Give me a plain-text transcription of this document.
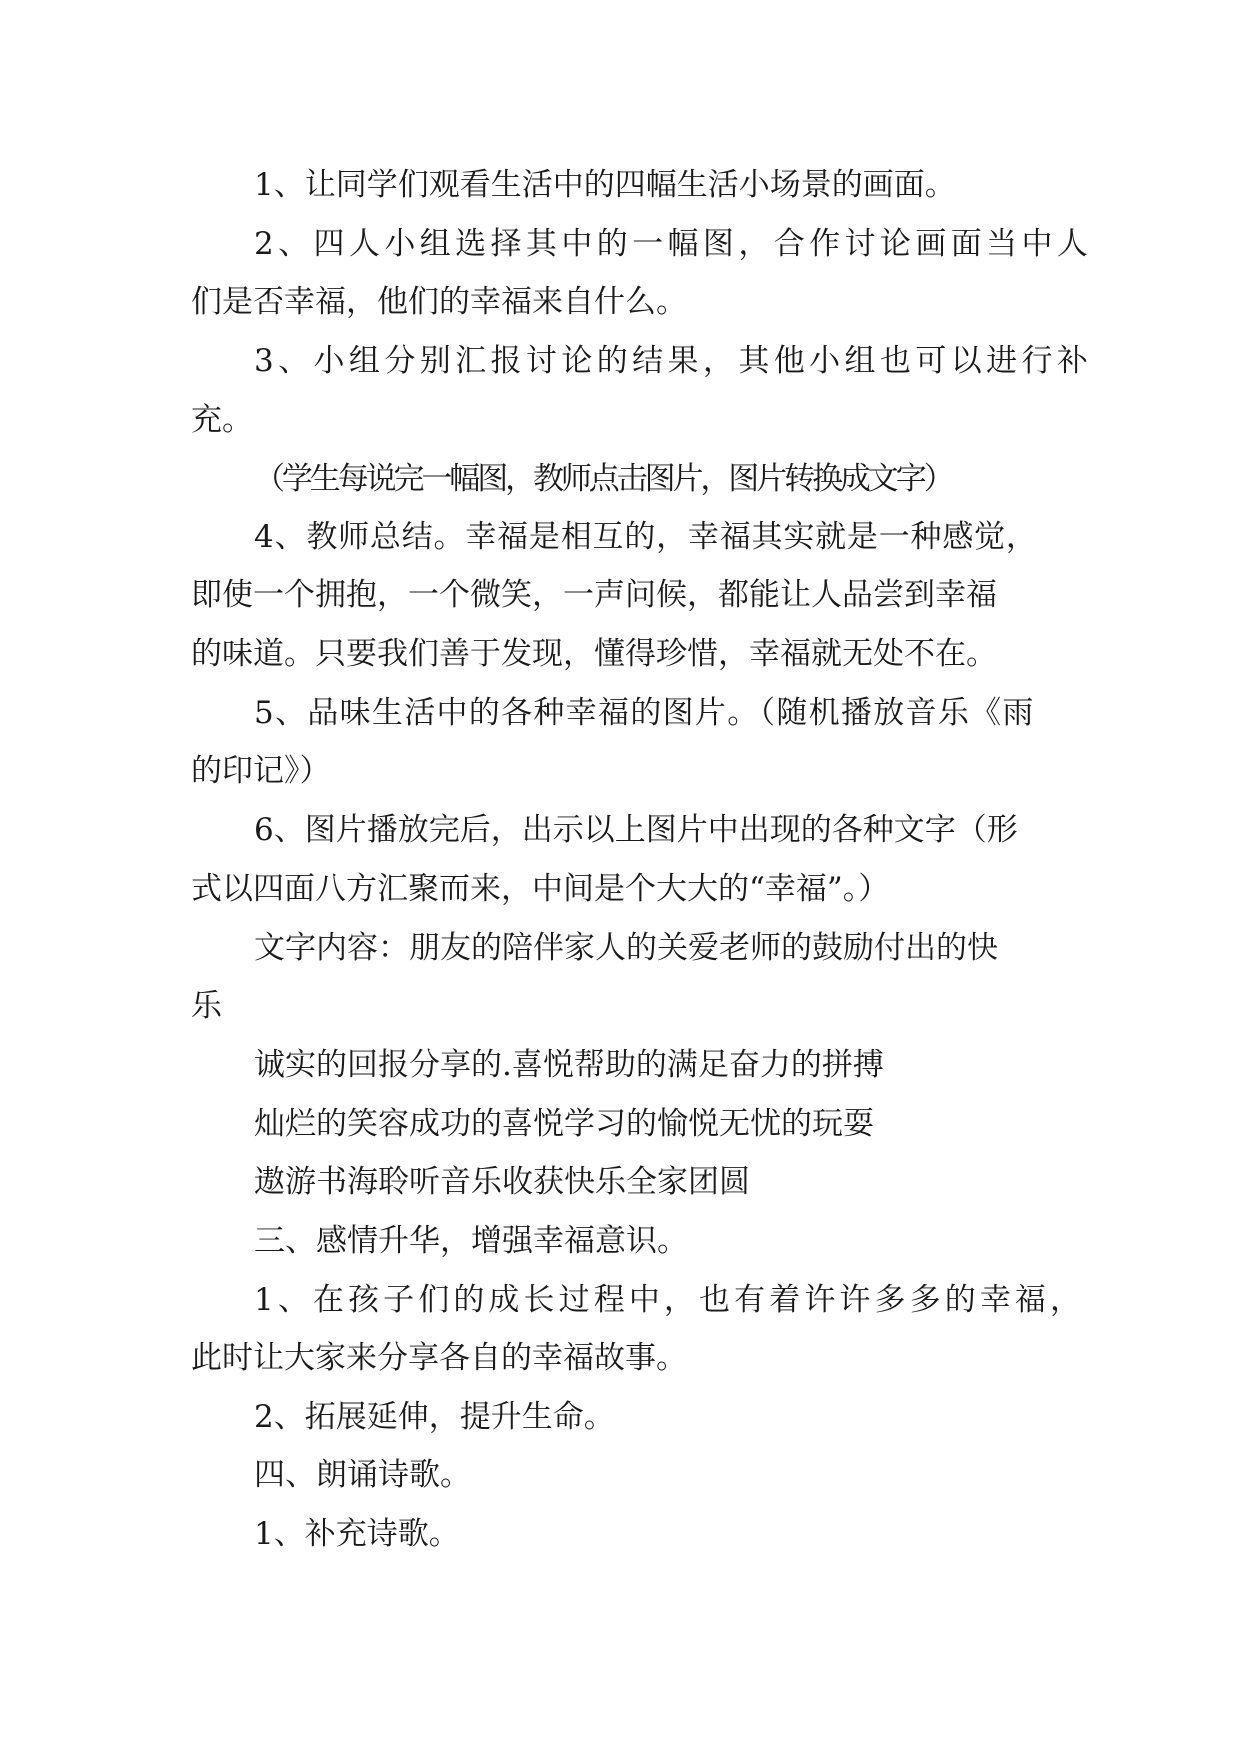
1、让同学们观看生活中的四幅生活小场景的画面。

2、四人小组选择其中的一幅图，合作讨论画面当中人

们是否幸福，他们的幸福来自什么。

3、小组分别汇报讨论的结果，其他小组也可以进行补

充。

（学生每说完一幅图，教师点击图片，图片转换成文字）

4、教师总结。幸福是相互的，幸福其实就是一种感觉，

即使一个拥抱，一个微笑，一声问候，都能让人品尝到幸福

的味道。只要我们善于发现，懂得珍惜，幸福就无处不在。

5、品味生活中的各种幸福的图片。（随机播放音乐《雨

的印记》）

6、图片播放完后，出示以上图片中出现的各种文字（形

式以四面八方汇聚而来，中间是个大大的“幸福”。）

文字内容：朋友的陪伴家人的关爱老师的鼓励付出的快

乐

诚实的回报分享的.喜悦帮助的满足奋力的拼搏

灿烂的笑容成功的喜悦学习的愉悦无忧的玩耍

遨游书海聆听音乐收获快乐全家团圆

三、感情升华，增强幸福意识。

1、在孩子们的成长过程中，也有着许许多多的幸福，

此时让大家来分享各自的幸福故事。

2、拓展延伸，提升生命。

四、朗诵诗歌。

1、补充诗歌。
